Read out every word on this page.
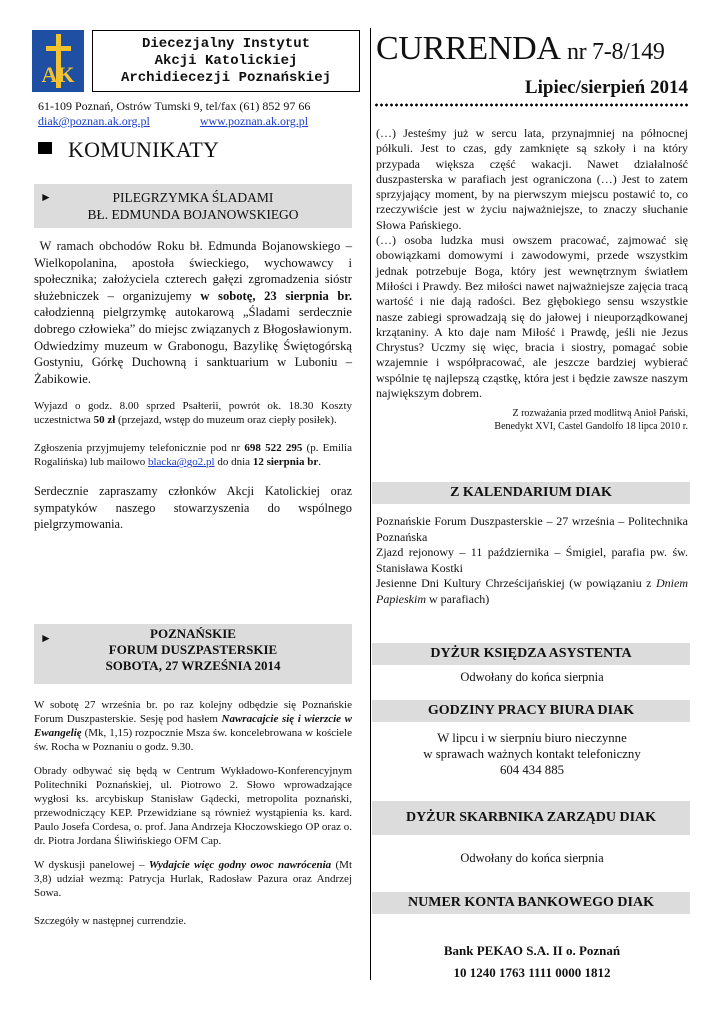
AK
Diecezjalny Instytut
Akcji Katolickiej
Archidiecezji Poznańskiej
61-109 Poznań, Ostrów Tumski 9, tel/fax (61) 852 97 66
diak@poznan.ak.org.pl	www.poznan.ak.org.pl
KOMUNIKATY
CURRENDA nr 7-8/149
Lipiec/sierpień 2014
►	PILEGRZYMKA ŚLADAMI
BŁ. EDMUNDA BOJANOWSKIEGO

W ramach obchodów Roku bł. Edmunda Bojanowskiego – Wielkopolanina, apostoła świeckiego, wychowawcy i społecznika; założyciela czterech gałęzi zgromadzenia sióstr służebniczek – organizujemy w sobotę, 23 sierpnia br. całodzienną pielgrzymkę autokarową „Śladami serdecznie dobrego człowieka” do miejsc związanych z Błogosławionym. Odwiedzimy muzeum w Grabonogu, Bazylikę Świętogórską Gostyniu, Górkę Duchowną i sanktuarium w Luboniu – Żabikowie.

Wyjazd o godz. 8.00 sprzed Psałterii, powrót ok. 18.30 Koszty uczestnictwa 50 zł (przejazd, wstęp do muzeum oraz ciepły posiłek).

Zgłoszenia przyjmujemy telefonicznie pod nr 698 522 295 (p. Emilia Rogalińska) lub mailowo blacka@go2.pl do dnia 12 sierpnia br.

Serdecznie zapraszamy członków Akcji Katolickiej oraz sympatyków naszego stowarzyszenia do wspólnego pielgrzymowania.

►	POZNAŃSKIE
FORUM DUSZPASTERSKIE
SOBOTA, 27 WRZEŚNIA 2014

W sobotę 27 września br. po raz kolejny odbędzie się Poznańskie Forum Duszpasterskie. Sesję pod hasłem Nawracajcie się i wierzcie w Ewangelię (Mk, 1,15) rozpocznie Msza św. koncelebrowana w kościele św. Rocha w Poznaniu o godz. 9.30.

Obrady odbywać się będą w Centrum Wykładowo-Konferencyjnym Politechniki Poznańskiej, ul. Piotrowo 2. Słowo wprowadzające wygłosi ks. arcybiskup Stanisław Gądecki, metropolita poznański, przewodniczący KEP. Przewidziane są również wystąpienia ks. kard. Paulo Josefa Cordesa, o. prof. Jana Andrzeja Kłoczowskiego OP oraz o. dr. Piotra Jordana Śliwińskiego OFM Cap.

W dyskusji panelowej – Wydajcie więc godny owoc nawrócenia (Mt 3,8) udział wezmą: Patrycja Hurlak, Radosław Pazura oraz Andrzej Sowa.

Szczegóły w następnej currendzie.

(…) Jesteśmy już w sercu lata, przynajmniej na północnej półkuli. Jest to czas, gdy zamknięte są szkoły i na który przypada większa część wakacji. Nawet działalność duszpasterska w parafiach jest ograniczona (…) Jest to zatem sprzyjający moment, by na pierwszym miejscu postawić to, co rzeczywiście jest w życiu najważniejsze, to znaczy słuchanie Słowa Pańskiego.
(…) osoba ludzka musi owszem pracować, zajmować się obowiązkami domowymi i zawodowymi, przede wszystkim jednak potrzebuje Boga, który jest wewnętrznym światłem Miłości i Prawdy. Bez miłości nawet najważniejsze zajęcia tracą wartość i nie dają radości. Bez głębokiego sensu wszystkie nasze zabiegi sprowadzają się do jałowej i nieuporządkowanej krzątaniny. A kto daje nam Miłość i Prawdę, jeśli nie Jezus Chrystus? Uczmy się więc, bracia i siostry, pomagać sobie wzajemnie i współpracować, ale jeszcze bardziej wybierać wspólnie tę najlepszą cząstkę, która jest i będzie zawsze naszym największym dobrem.
Z rozważania przed modlitwą Anioł Pański,
Benedykt XVI, Castel Gandolfo 18 lipca 2010 r.
Z KALENDARIUM DIAK
Poznańskie Forum Duszpasterskie – 27 września – Politechnika Poznańska
Zjazd rejonowy – 11 października – Śmigiel, parafia pw. św. Stanisława Kostki
Jesienne Dni Kultury Chrześcijańskiej (w powiązaniu z Dniem Papieskim w parafiach)
DYŻUR KSIĘDZA ASYSTENTA
Odwołany do końca sierpnia
GODZINY PRACY BIURA DIAK
W lipcu i w sierpniu biuro nieczynne
w sprawach ważnych kontakt telefoniczny
604 434 885
DYŻUR SKARBNIKA ZARZĄDU DIAK
Odwołany do końca sierpnia
NUMER KONTA BANKOWEGO DIAK
Bank PEKAO S.A. II o. Poznań
10 1240 1763 1111 0000 1812
